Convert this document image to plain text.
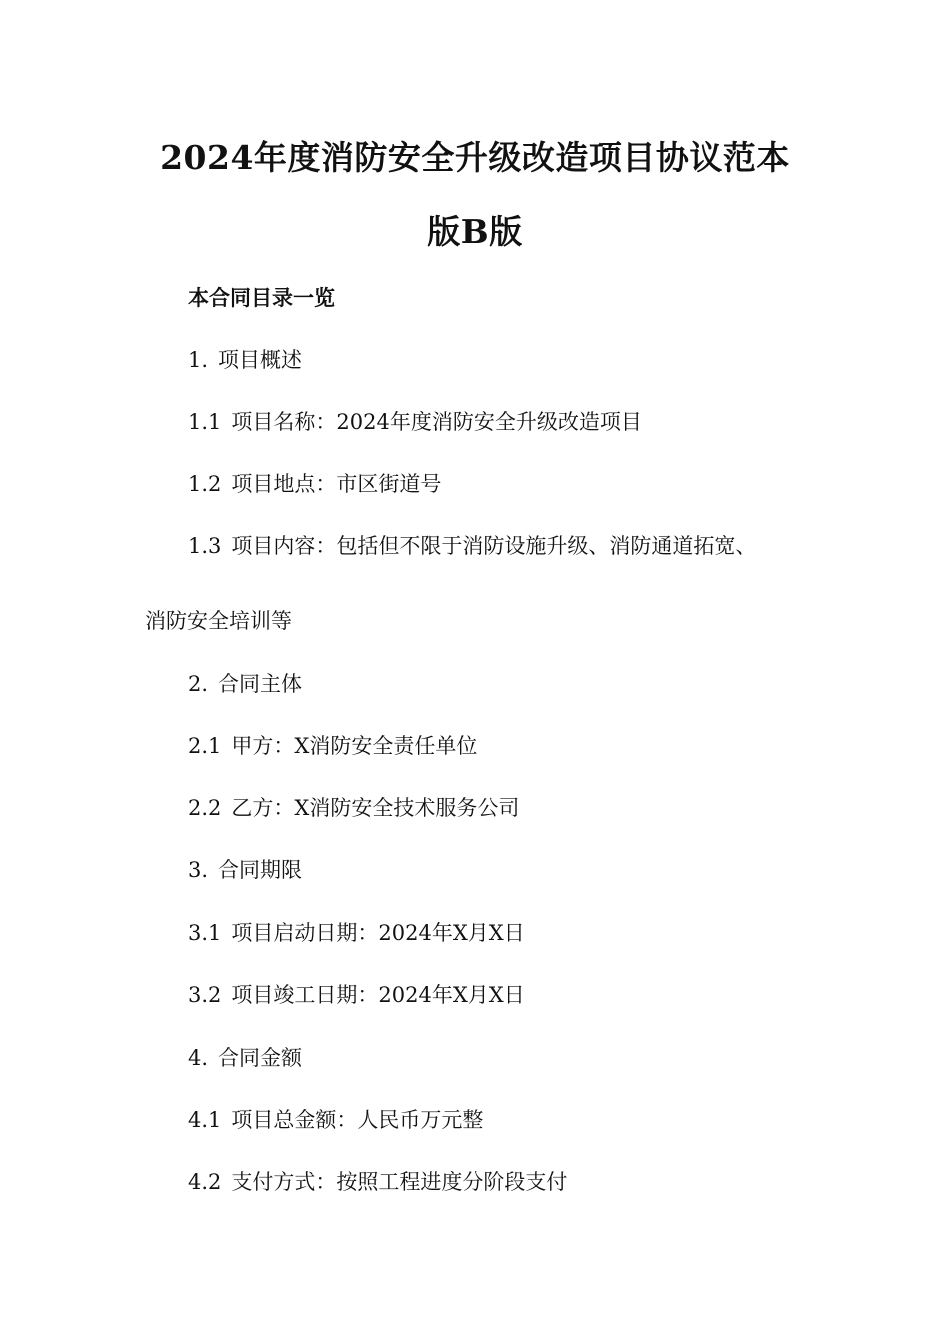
2024年度消防安全升级改造项目协议范本
版B版
本合同目录一览
1. 项目概述
1.1 项目名称：2024年度消防安全升级改造项目
1.2 项目地点：市区街道号
1.3 项目内容：包括但不限于消防设施升级、消防通道拓宽、
消防安全培训等
2. 合同主体
2.1 甲方：X消防安全责任单位
2.2 乙方：X消防安全技术服务公司
3. 合同期限
3.1 项目启动日期：2024年X月X日
3.2 项目竣工日期：2024年X月X日
4. 合同金额
4.1 项目总金额：人民币万元整
4.2 支付方式：按照工程进度分阶段支付
